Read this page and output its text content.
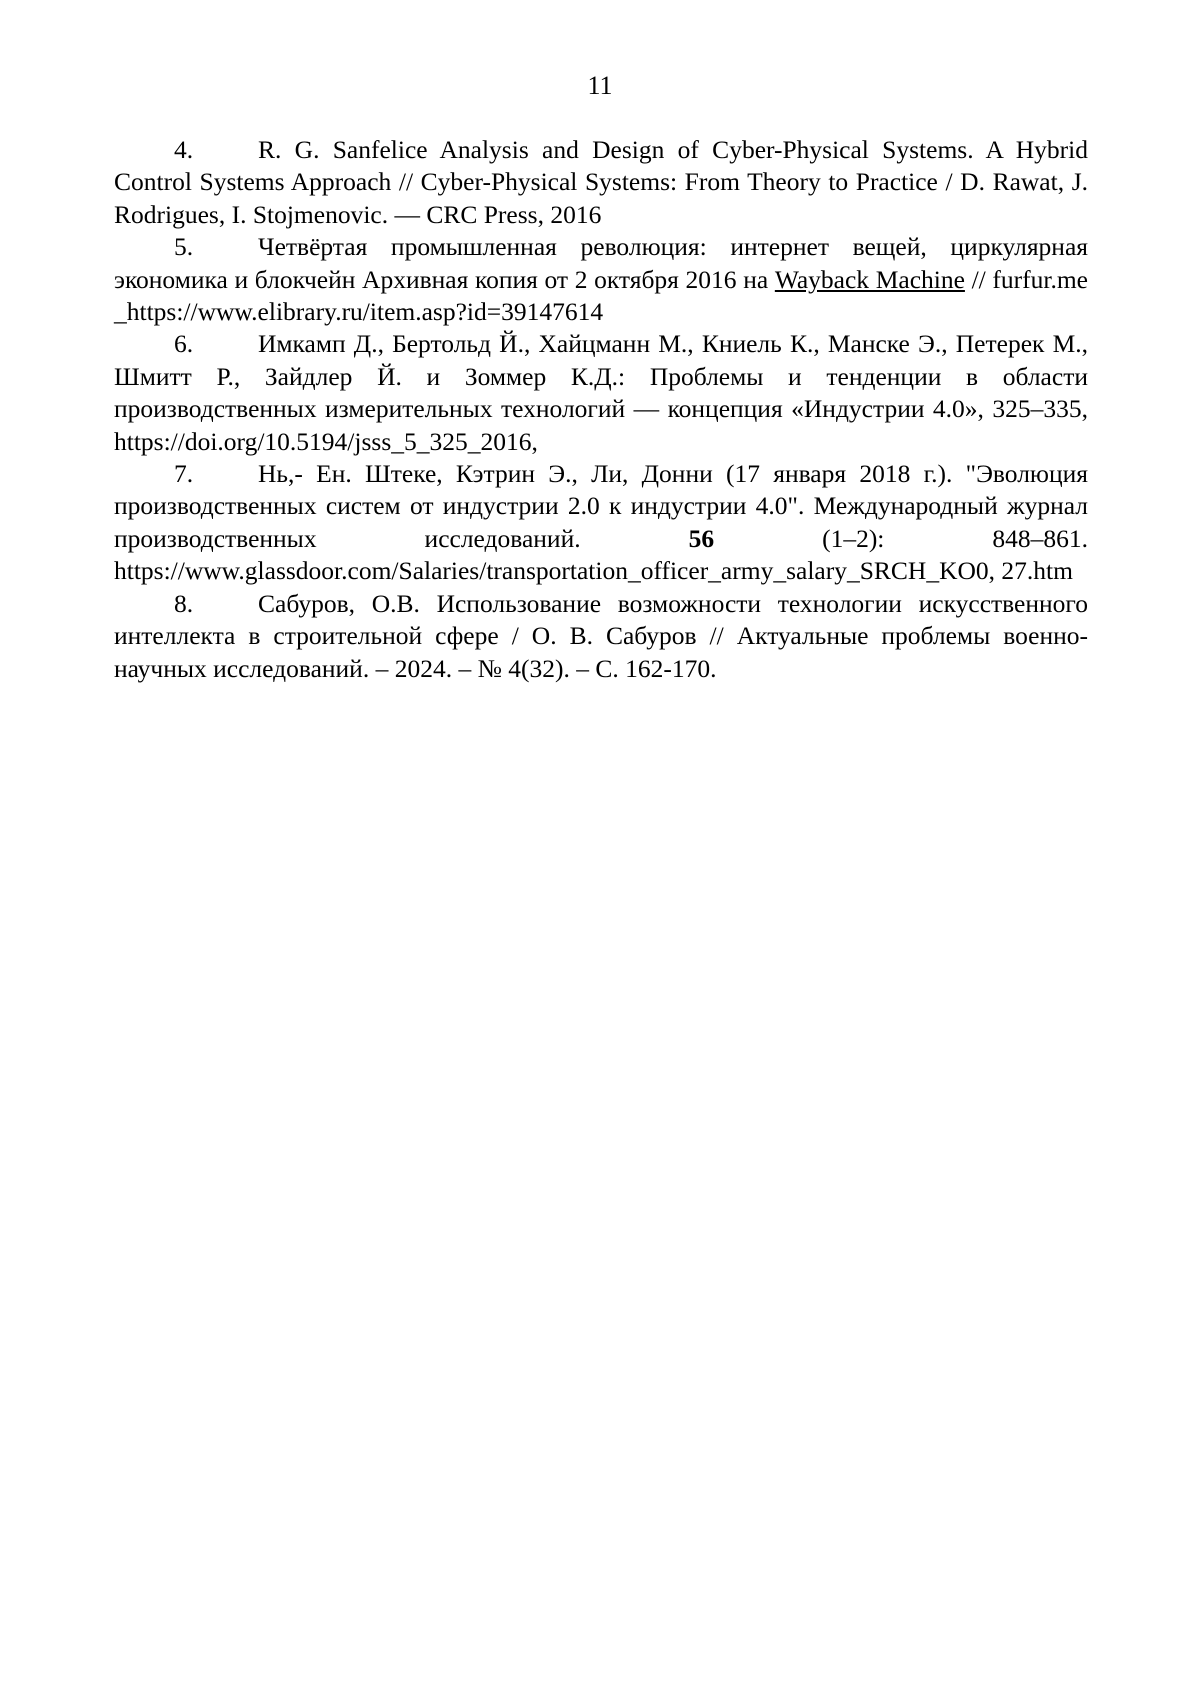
11

4.	R. G. Sanfelice Analysis and Design of Cyber-Physical Systems. A Hybrid Control Systems Approach // Cyber-Physical Systems: From Theory to Practice / D. Rawat, J. Rodrigues, I. Stojmenovic. — CRC Press, 2016

5.	Четвёртая промышленная революция: интернет вещей, циркулярная экономика и блокчейн Архивная копия от 2 октября 2016 на Wayback Machine // furfur.me _https://www.elibrary.ru/item.asp?id=39147614

6.	Имкамп Д., Бертольд Й., Хайцманн М., Книель К., Манске Э., Петерек М., Шмитт Р., Зайдлер Й. и Зоммер К.Д.: Проблемы и тенденции в области производственных измерительных технологий — концепция «Индустрии 4.0», 325–335, https://doi.org/10.5194/jsss_5_325_2016,

7.	Нь,- Ен. Штеке, Кэтрин Э., Ли, Донни (17 января 2018 г.). "Эволюция производственных систем от индустрии 2.0 к индустрии 4.0". Международный журнал производственных исследований. 56 (1–2): 848–861. https://www.glassdoor.com/Salaries/transportation_officer_army_salary_SRCH_KO0, 27.htm

8.	Сабуров, О.В. Использование возможности технологии искусственного интеллекта в строительной сфере / О. В. Сабуров // Актуальные проблемы военно-научных исследований. – 2024. – № 4(32). – С. 162-170.
